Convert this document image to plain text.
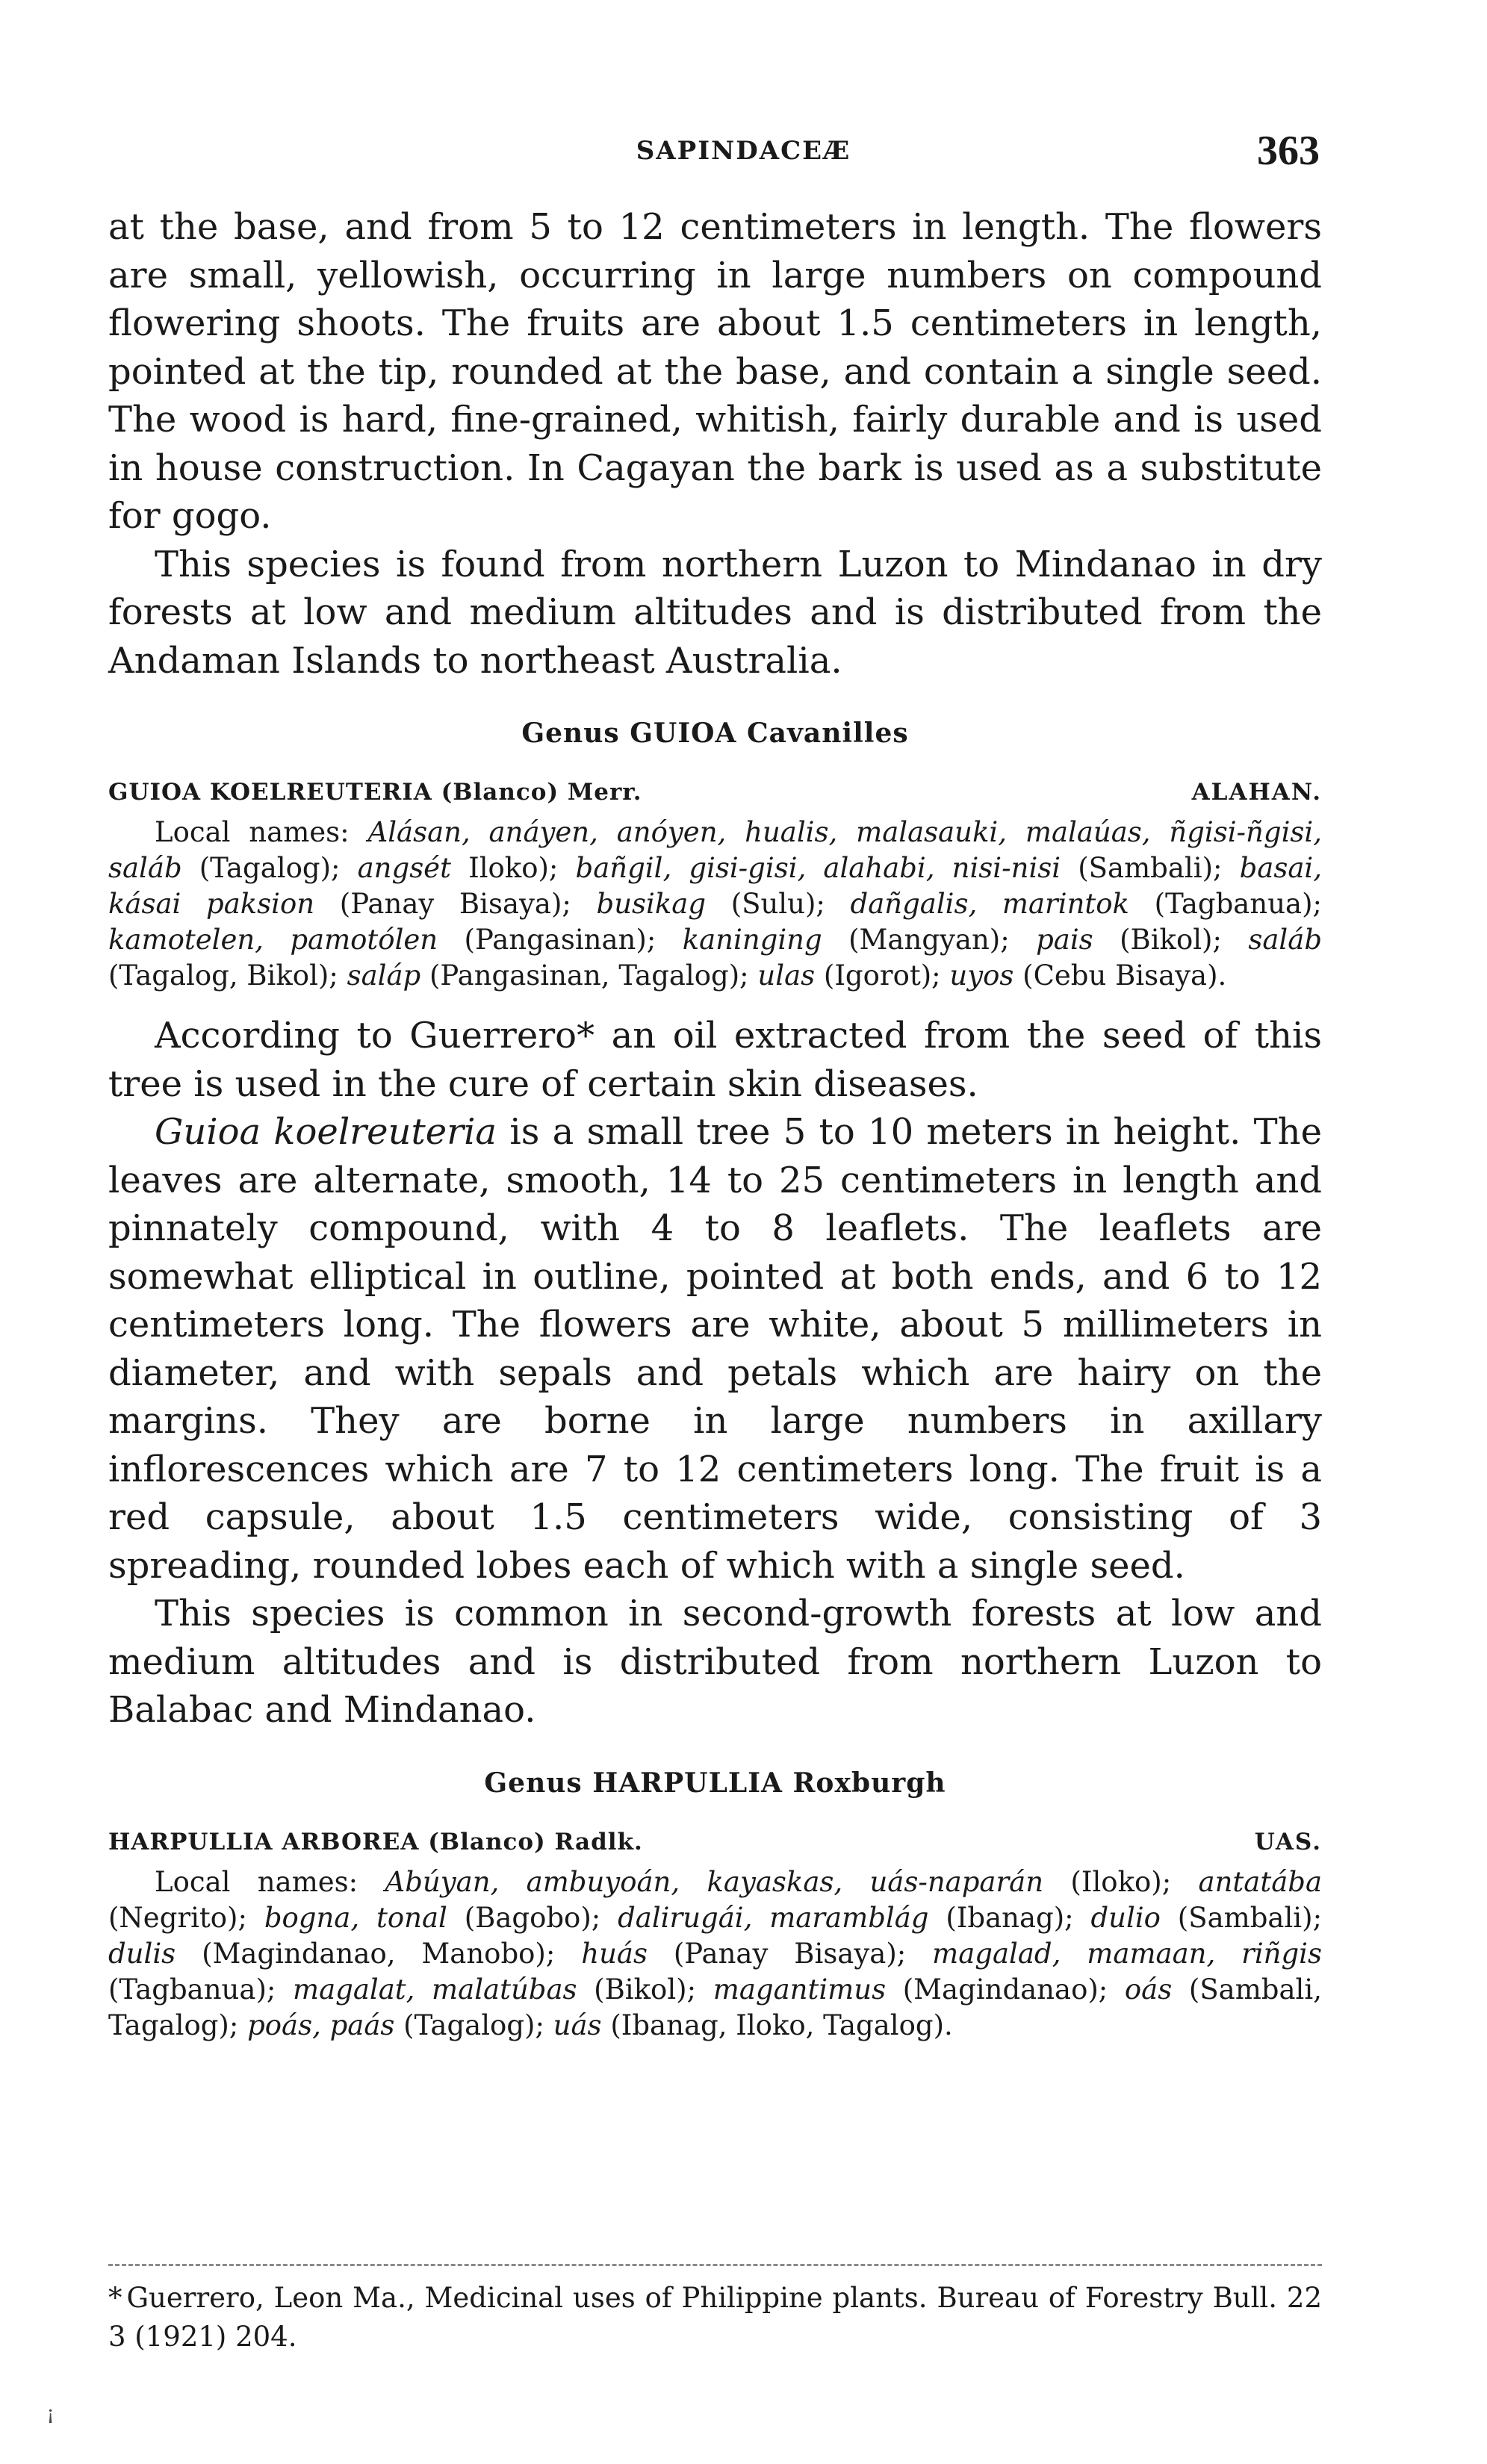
SAPINDACEÆ	363

at the base, and from 5 to 12 centimeters in length. The flowers are small, yellowish, occurring in large numbers on compound flowering shoots. The fruits are about 1.5 centimeters in length, pointed at the tip, rounded at the base, and contain a single seed. The wood is hard, fine-grained, whitish, fairly durable and is used in house construction. In Cagayan the bark is used as a substitute for gogo.

This species is found from northern Luzon to Mindanao in dry forests at low and medium altitudes and is distributed from the Andaman Islands to northeast Australia.

Genus GUIOA Cavanilles
GUIOA KOELREUTERIA (Blanco) Merr.	ALAHAN.

Local names: Alásan, anáyen, anóyen, hualis, malasauki, malaúas, ñgisi-ñgisi, saláb (Tagalog); angsét Iloko); bañgil, gisi-gisi, alahabi, nisi-nisi (Sambali); basai, kásai paksion (Panay Bisaya); busikag (Sulu); dañgalis, marintok (Tagbanua); kamotelen, pamotólen (Pangasinan); kaninging (Mangyan); pais (Bikol); saláb (Tagalog, Bikol); saláp (Pangasinan, Tagalog); ulas (Igorot); uyos (Cebu Bisaya).

According to Guerrero* an oil extracted from the seed of this tree is used in the cure of certain skin diseases.

Guioa koelreuteria is a small tree 5 to 10 meters in height. The leaves are alternate, smooth, 14 to 25 centimeters in length and pinnately compound, with 4 to 8 leaflets. The leaflets are somewhat elliptical in outline, pointed at both ends, and 6 to 12 centimeters long. The flowers are white, about 5 millimeters in diameter, and with sepals and petals which are hairy on the margins. They are borne in large numbers in axillary inflorescences which are 7 to 12 centimeters long. The fruit is a red capsule, about 1.5 centimeters wide, consisting of 3 spreading, rounded lobes each of which with a single seed.

This species is common in second-growth forests at low and medium altitudes and is distributed from northern Luzon to Balabac and Mindanao.

Genus HARPULLIA Roxburgh
HARPULLIA ARBOREA (Blanco) Radlk.	UAS.

Local names: Abúyan, ambuyoán, kayaskas, uás-naparán (Iloko); antatába (Negrito); bogna, tonal (Bagobo); dalirugái, maramblág (Ibanag); dulio (Sambali); dulis (Magindanao, Manobo); huás (Panay Bisaya); magalad, mamaan, riñgis (Tagbanua); magalat, malatúbas (Bikol); magantimus (Magindanao); oás (Sambali, Tagalog); poás, paás (Tagalog); uás (Ibanag, Iloko, Tagalog).

* Guerrero, Leon Ma., Medicinal uses of Philippine plants. Bureau of Forestry Bull. 22 3 (1921) 204.
ꜟ
